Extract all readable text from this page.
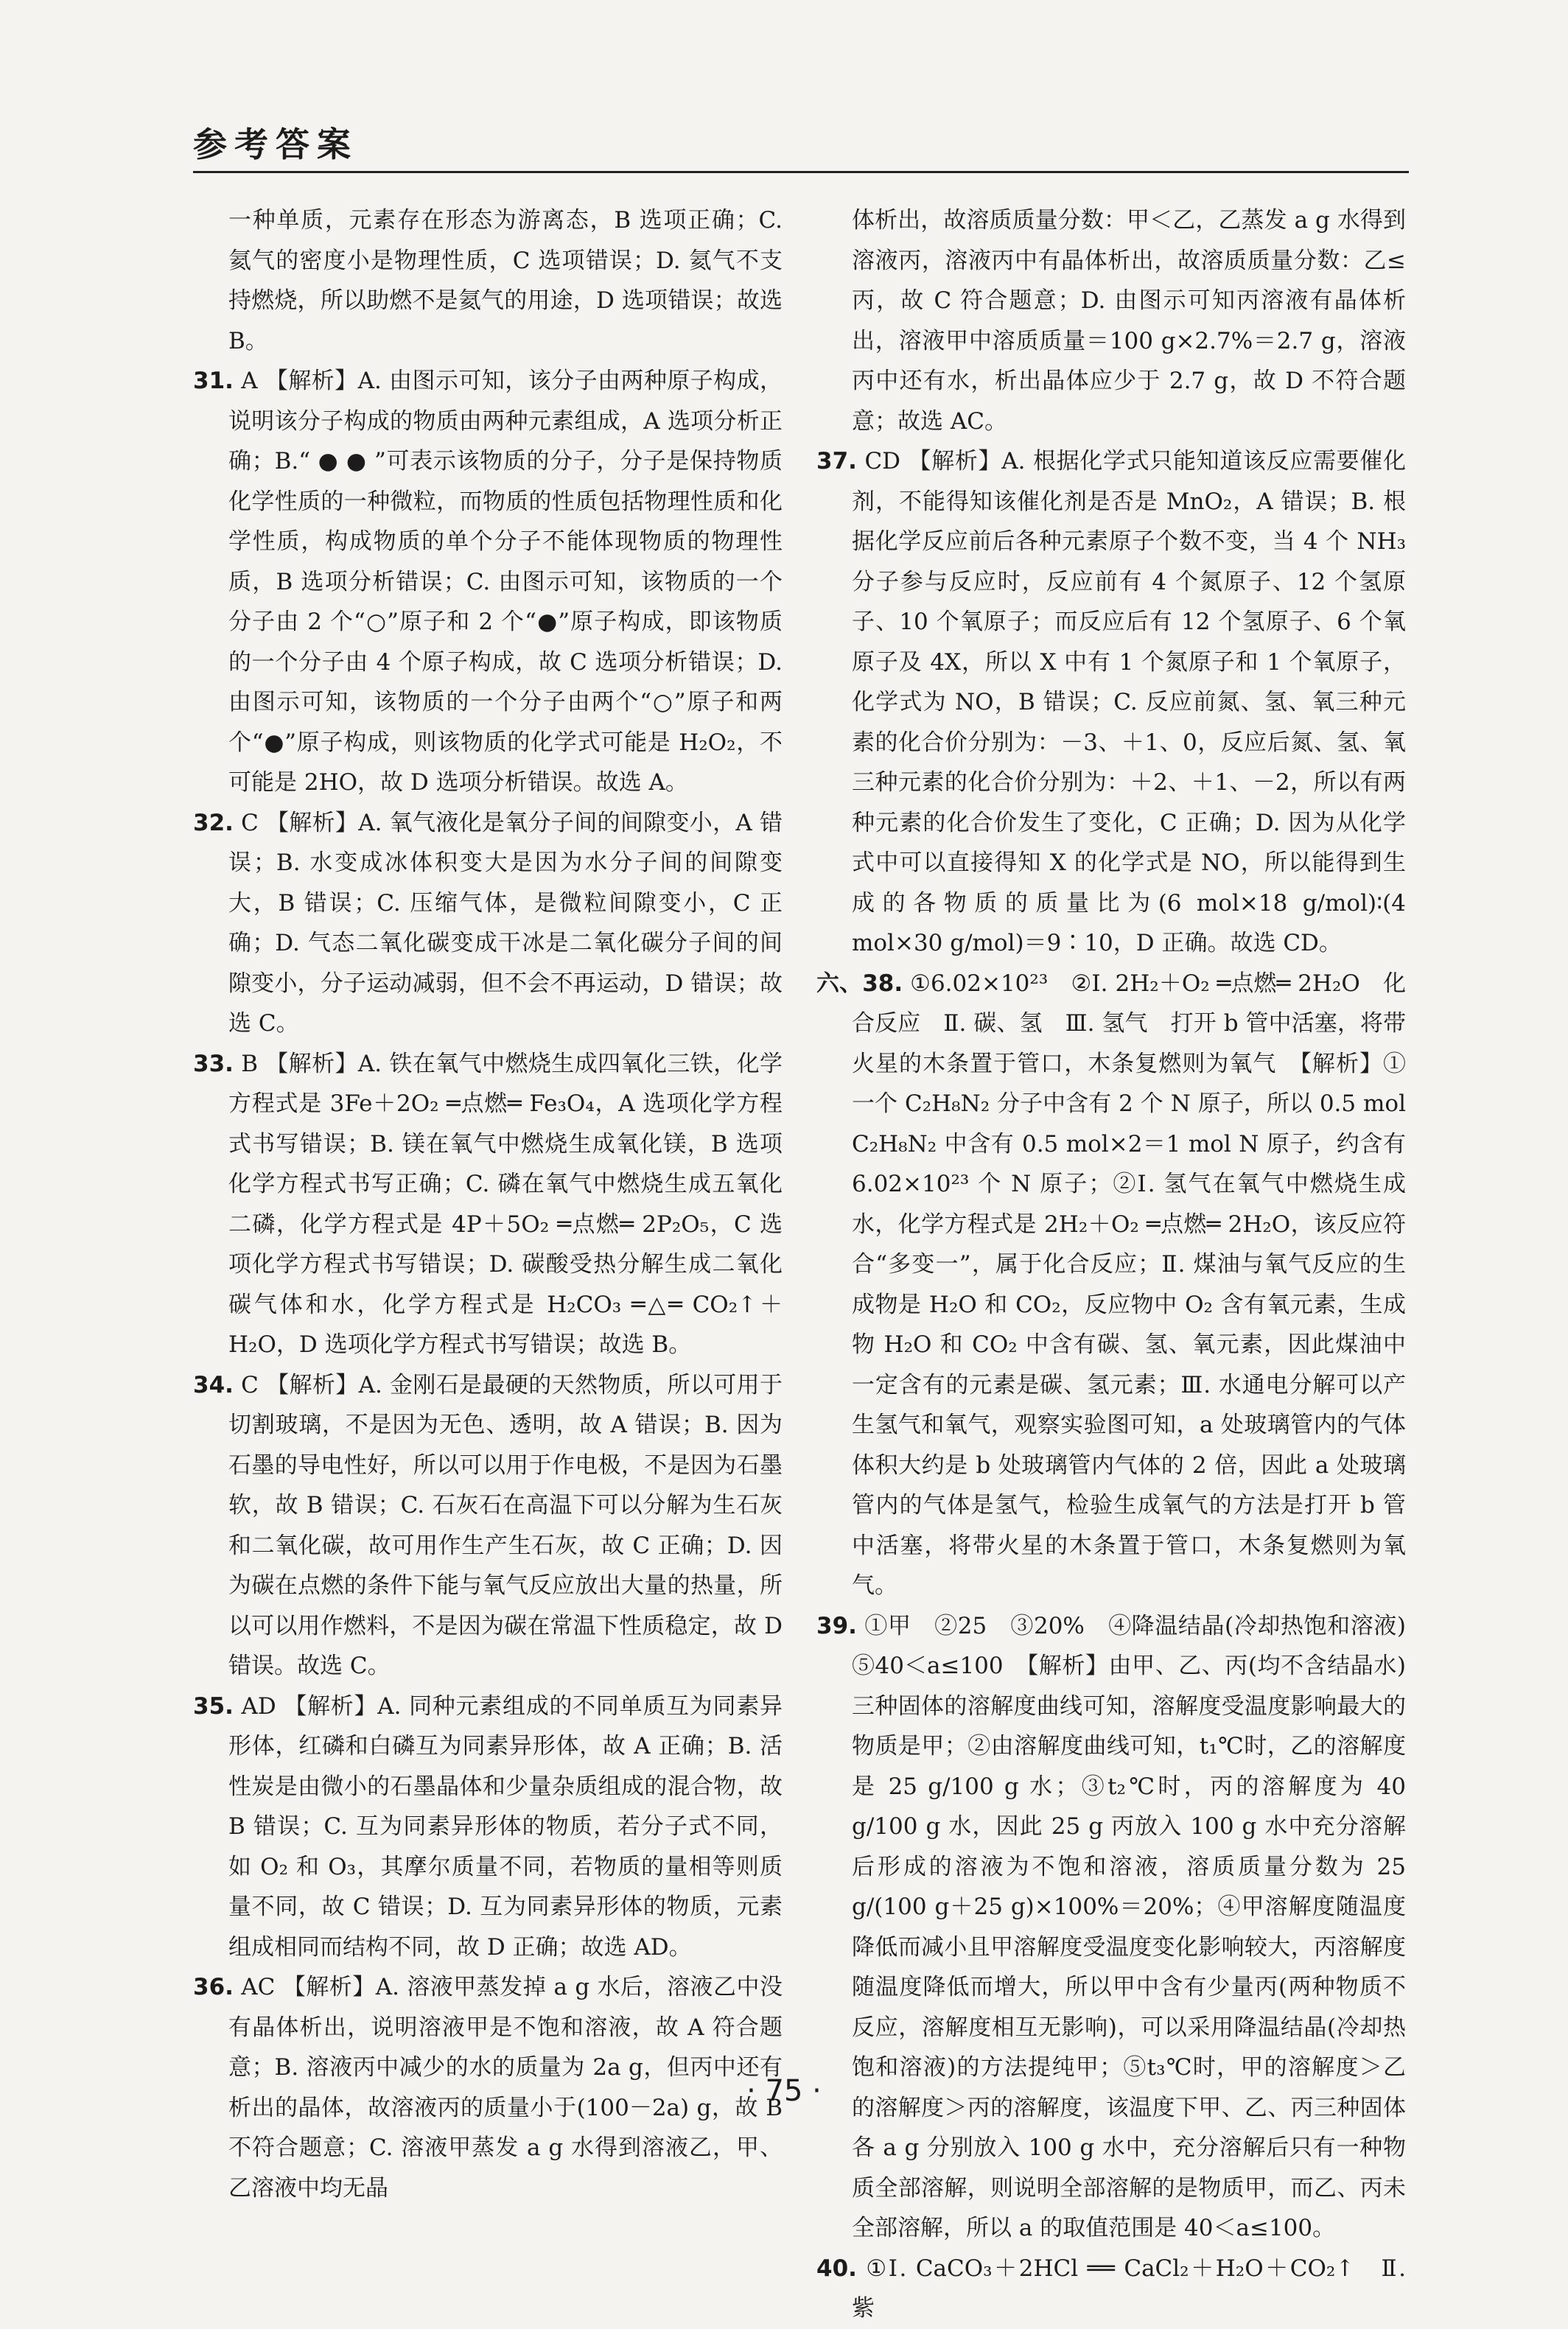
参考答案

一种单质，元素存在形态为游离态，B 选项正确；C. 氦气的密度小是物理性质，C 选项错误；D. 氦气不支持燃烧，所以助燃不是氦气的用途，D 选项错误；故选 B。

31. A 【解析】A. 由图示可知，该分子由两种原子构成，说明该分子构成的物质由两种元素组成，A 选项分析正确；B.“ ● ● ”可表示该物质的分子，分子是保持物质化学性质的一种微粒，而物质的性质包括物理性质和化学性质，构成物质的单个分子不能体现物质的物理性质，B 选项分析错误；C. 由图示可知，该物质的一个分子由 2 个“○”原子和 2 个“●”原子构成，即该物质的一个分子由 4 个原子构成，故 C 选项分析错误；D. 由图示可知，该物质的一个分子由两个“○”原子和两个“●”原子构成，则该物质的化学式可能是 H₂O₂，不可能是 2HO，故 D 选项分析错误。故选 A。

32. C 【解析】A. 氧气液化是氧分子间的间隙变小，A 错误；B. 水变成冰体积变大是因为水分子间的间隙变大，B 错误；C. 压缩气体，是微粒间隙变小，C 正确；D. 气态二氧化碳变成干冰是二氧化碳分子间的间隙变小，分子运动减弱，但不会不再运动，D 错误；故选 C。

33. B 【解析】A. 铁在氧气中燃烧生成四氧化三铁，化学方程式是 3Fe＋2O₂ ═点燃═ Fe₃O₄，A 选项化学方程式书写错误；B. 镁在氧气中燃烧生成氧化镁，B 选项化学方程式书写正确；C. 磷在氧气中燃烧生成五氧化二磷，化学方程式是 4P＋5O₂ ═点燃═ 2P₂O₅，C 选项化学方程式书写错误；D. 碳酸受热分解生成二氧化碳气体和水，化学方程式是 H₂CO₃ ═△═ CO₂↑＋H₂O，D 选项化学方程式书写错误；故选 B。

34. C 【解析】A. 金刚石是最硬的天然物质，所以可用于切割玻璃，不是因为无色、透明，故 A 错误；B. 因为石墨的导电性好，所以可以用于作电极，不是因为石墨软，故 B 错误；C. 石灰石在高温下可以分解为生石灰和二氧化碳，故可用作生产生石灰，故 C 正确；D. 因为碳在点燃的条件下能与氧气反应放出大量的热量，所以可以用作燃料，不是因为碳在常温下性质稳定，故 D 错误。故选 C。

35. AD 【解析】A. 同种元素组成的不同单质互为同素异形体，红磷和白磷互为同素异形体，故 A 正确；B. 活性炭是由微小的石墨晶体和少量杂质组成的混合物，故 B 错误；C. 互为同素异形体的物质，若分子式不同，如 O₂ 和 O₃，其摩尔质量不同，若物质的量相等则质量不同，故 C 错误；D. 互为同素异形体的物质，元素组成相同而结构不同，故 D 正确；故选 AD。

36. AC 【解析】A. 溶液甲蒸发掉 a g 水后，溶液乙中没有晶体析出，说明溶液甲是不饱和溶液，故 A 符合题意；B. 溶液丙中减少的水的质量为 2a g，但丙中还有析出的晶体，故溶液丙的质量小于(100－2a) g，故 B 不符合题意；C. 溶液甲蒸发 a g 水得到溶液乙，甲、乙溶液中均无晶

体析出，故溶质质量分数：甲＜乙，乙蒸发 a g 水得到溶液丙，溶液丙中有晶体析出，故溶质质量分数：乙≤丙，故 C 符合题意；D. 由图示可知丙溶液有晶体析出，溶液甲中溶质质量＝100 g×2.7%＝2.7 g，溶液丙中还有水，析出晶体应少于 2.7 g，故 D 不符合题意；故选 AC。

37. CD 【解析】A. 根据化学式只能知道该反应需要催化剂，不能得知该催化剂是否是 MnO₂，A 错误；B. 根据化学反应前后各种元素原子个数不变，当 4 个 NH₃ 分子参与反应时，反应前有 4 个氮原子、12 个氢原子、10 个氧原子；而反应后有 12 个氢原子、6 个氧原子及 4X，所以 X 中有 1 个氮原子和 1 个氧原子，化学式为 NO，B 错误；C. 反应前氮、氢、氧三种元素的化合价分别为：－3、＋1、0，反应后氮、氢、氧三种元素的化合价分别为：＋2、＋1、－2，所以有两种元素的化合价发生了变化，C 正确；D. 因为从化学式中可以直接得知 X 的化学式是 NO，所以能得到生成的各物质的质量比为(6 mol×18 g/mol)∶(4 mol×30 g/mol)＝9∶10，D 正确。故选 CD。

六、38. ①6.02×10²³　②Ⅰ. 2H₂＋O₂ ═点燃═ 2H₂O　化合反应　Ⅱ. 碳、氢　Ⅲ. 氢气　打开 b 管中活塞，将带火星的木条置于管口，木条复燃则为氧气　【解析】①一个 C₂H₈N₂ 分子中含有 2 个 N 原子，所以 0.5 mol C₂H₈N₂ 中含有 0.5 mol×2＝1 mol N 原子，约含有 6.02×10²³ 个 N 原子；②Ⅰ. 氢气在氧气中燃烧生成水，化学方程式是 2H₂＋O₂ ═点燃═ 2H₂O，该反应符合“多变一”，属于化合反应；Ⅱ. 煤油与氧气反应的生成物是 H₂O 和 CO₂，反应物中 O₂ 含有氧元素，生成物 H₂O 和 CO₂ 中含有碳、氢、氧元素，因此煤油中一定含有的元素是碳、氢元素；Ⅲ. 水通电分解可以产生氢气和氧气，观察实验图可知，a 处玻璃管内的气体体积大约是 b 处玻璃管内气体的 2 倍，因此 a 处玻璃管内的气体是氢气，检验生成氧气的方法是打开 b 管中活塞，将带火星的木条置于管口，木条复燃则为氧气。

39. ①甲　②25　③20%　④降温结晶(冷却热饱和溶液)　⑤40＜a≤100　【解析】由甲、乙、丙(均不含结晶水)三种固体的溶解度曲线可知，溶解度受温度影响最大的物质是甲；②由溶解度曲线可知，t₁℃时，乙的溶解度是 25 g/100 g 水；③t₂℃时，丙的溶解度为 40 g/100 g 水，因此 25 g 丙放入 100 g 水中充分溶解后形成的溶液为不饱和溶液，溶质质量分数为 25 g/(100 g＋25 g)×100%＝20%；④甲溶解度随温度降低而减小且甲溶解度受温度变化影响较大，丙溶解度随温度降低而增大，所以甲中含有少量丙(两种物质不反应，溶解度相互无影响)，可以采用降温结晶(冷却热饱和溶液)的方法提纯甲；⑤t₃℃时，甲的溶解度＞乙的溶解度＞丙的溶解度，该温度下甲、乙、丙三种固体各 a g 分别放入 100 g 水中，充分溶解后只有一种物质全部溶解，则说明全部溶解的是物质甲，而乙、丙未全部溶解，所以 a 的取值范围是 40＜a≤100。

40. ①Ⅰ. CaCO₃＋2HCl ══ CaCl₂＋H₂O＋CO₂↑　Ⅱ. 紫

· 75 ·
